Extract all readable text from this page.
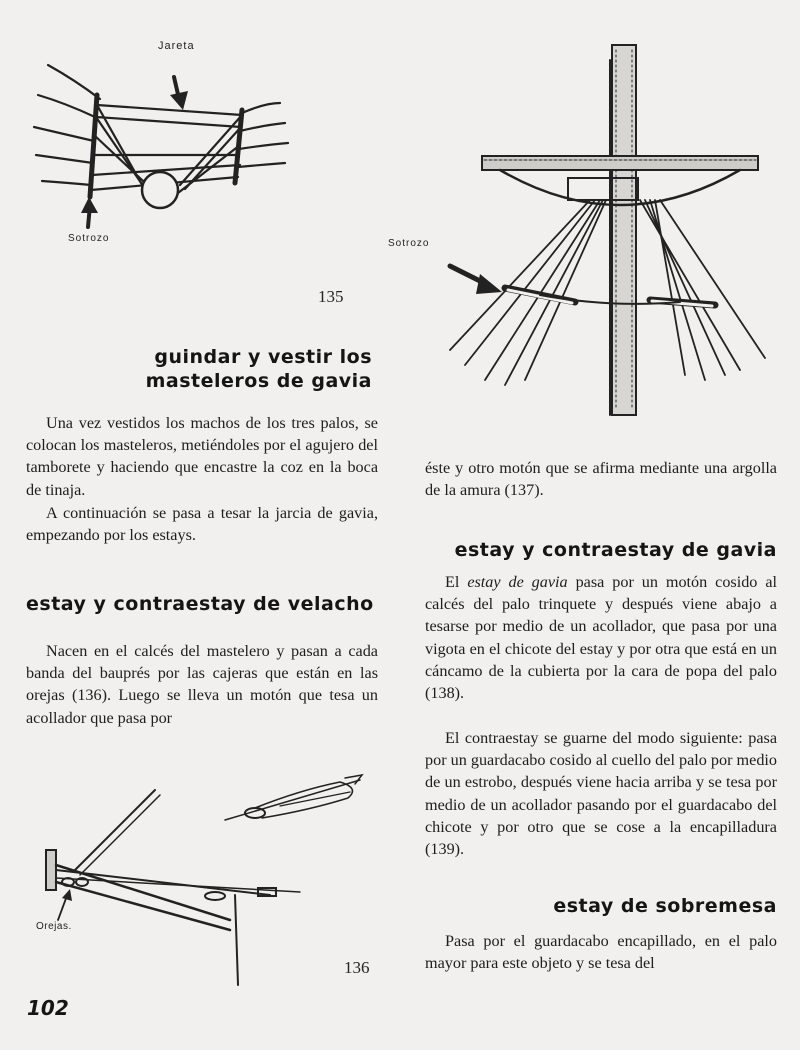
Jareta
Sotrozo
135
Sotrozo
guindar y vestir los
masteleros de gavia

Una vez vestidos los machos de los tres palos, se colocan los masteleros, metiéndoles por el agujero del tamborete y haciendo que encastre la coz en la boca de tinaja.

A continuación se pasa a tesar la jarcia de gavia, empezando por los estays.

estay y contraestay de velacho

Nacen en el calcés del mastelero y pasan a cada banda del bauprés por las cajeras que están en las orejas (136). Luego se lleva un motón que tesa un acollador que pasa por

Orejas.
136

éste y otro motón que se afirma mediante una argolla de la amura (137).

estay y contraestay de gavia

El estay de gavia pasa por un motón cosido al calcés del palo trinquete y después viene abajo a tesarse por medio de un acollador, que pasa por una vigota en el chicote del estay y por otra que está en un cáncamo de la cubierta por la cara de popa del palo (138).

El contraestay se guarne del modo siguiente: pasa por un guardacabo cosido al cuello del palo por medio de un estrobo, después viene hacia arriba y se tesa por medio de un acollador pasando por el guardacabo del chicote y por otro que se cose a la encapilladura (139).

estay de sobremesa

Pasa por el guardacabo encapillado, en el palo mayor para este objeto y se tesa del

102
